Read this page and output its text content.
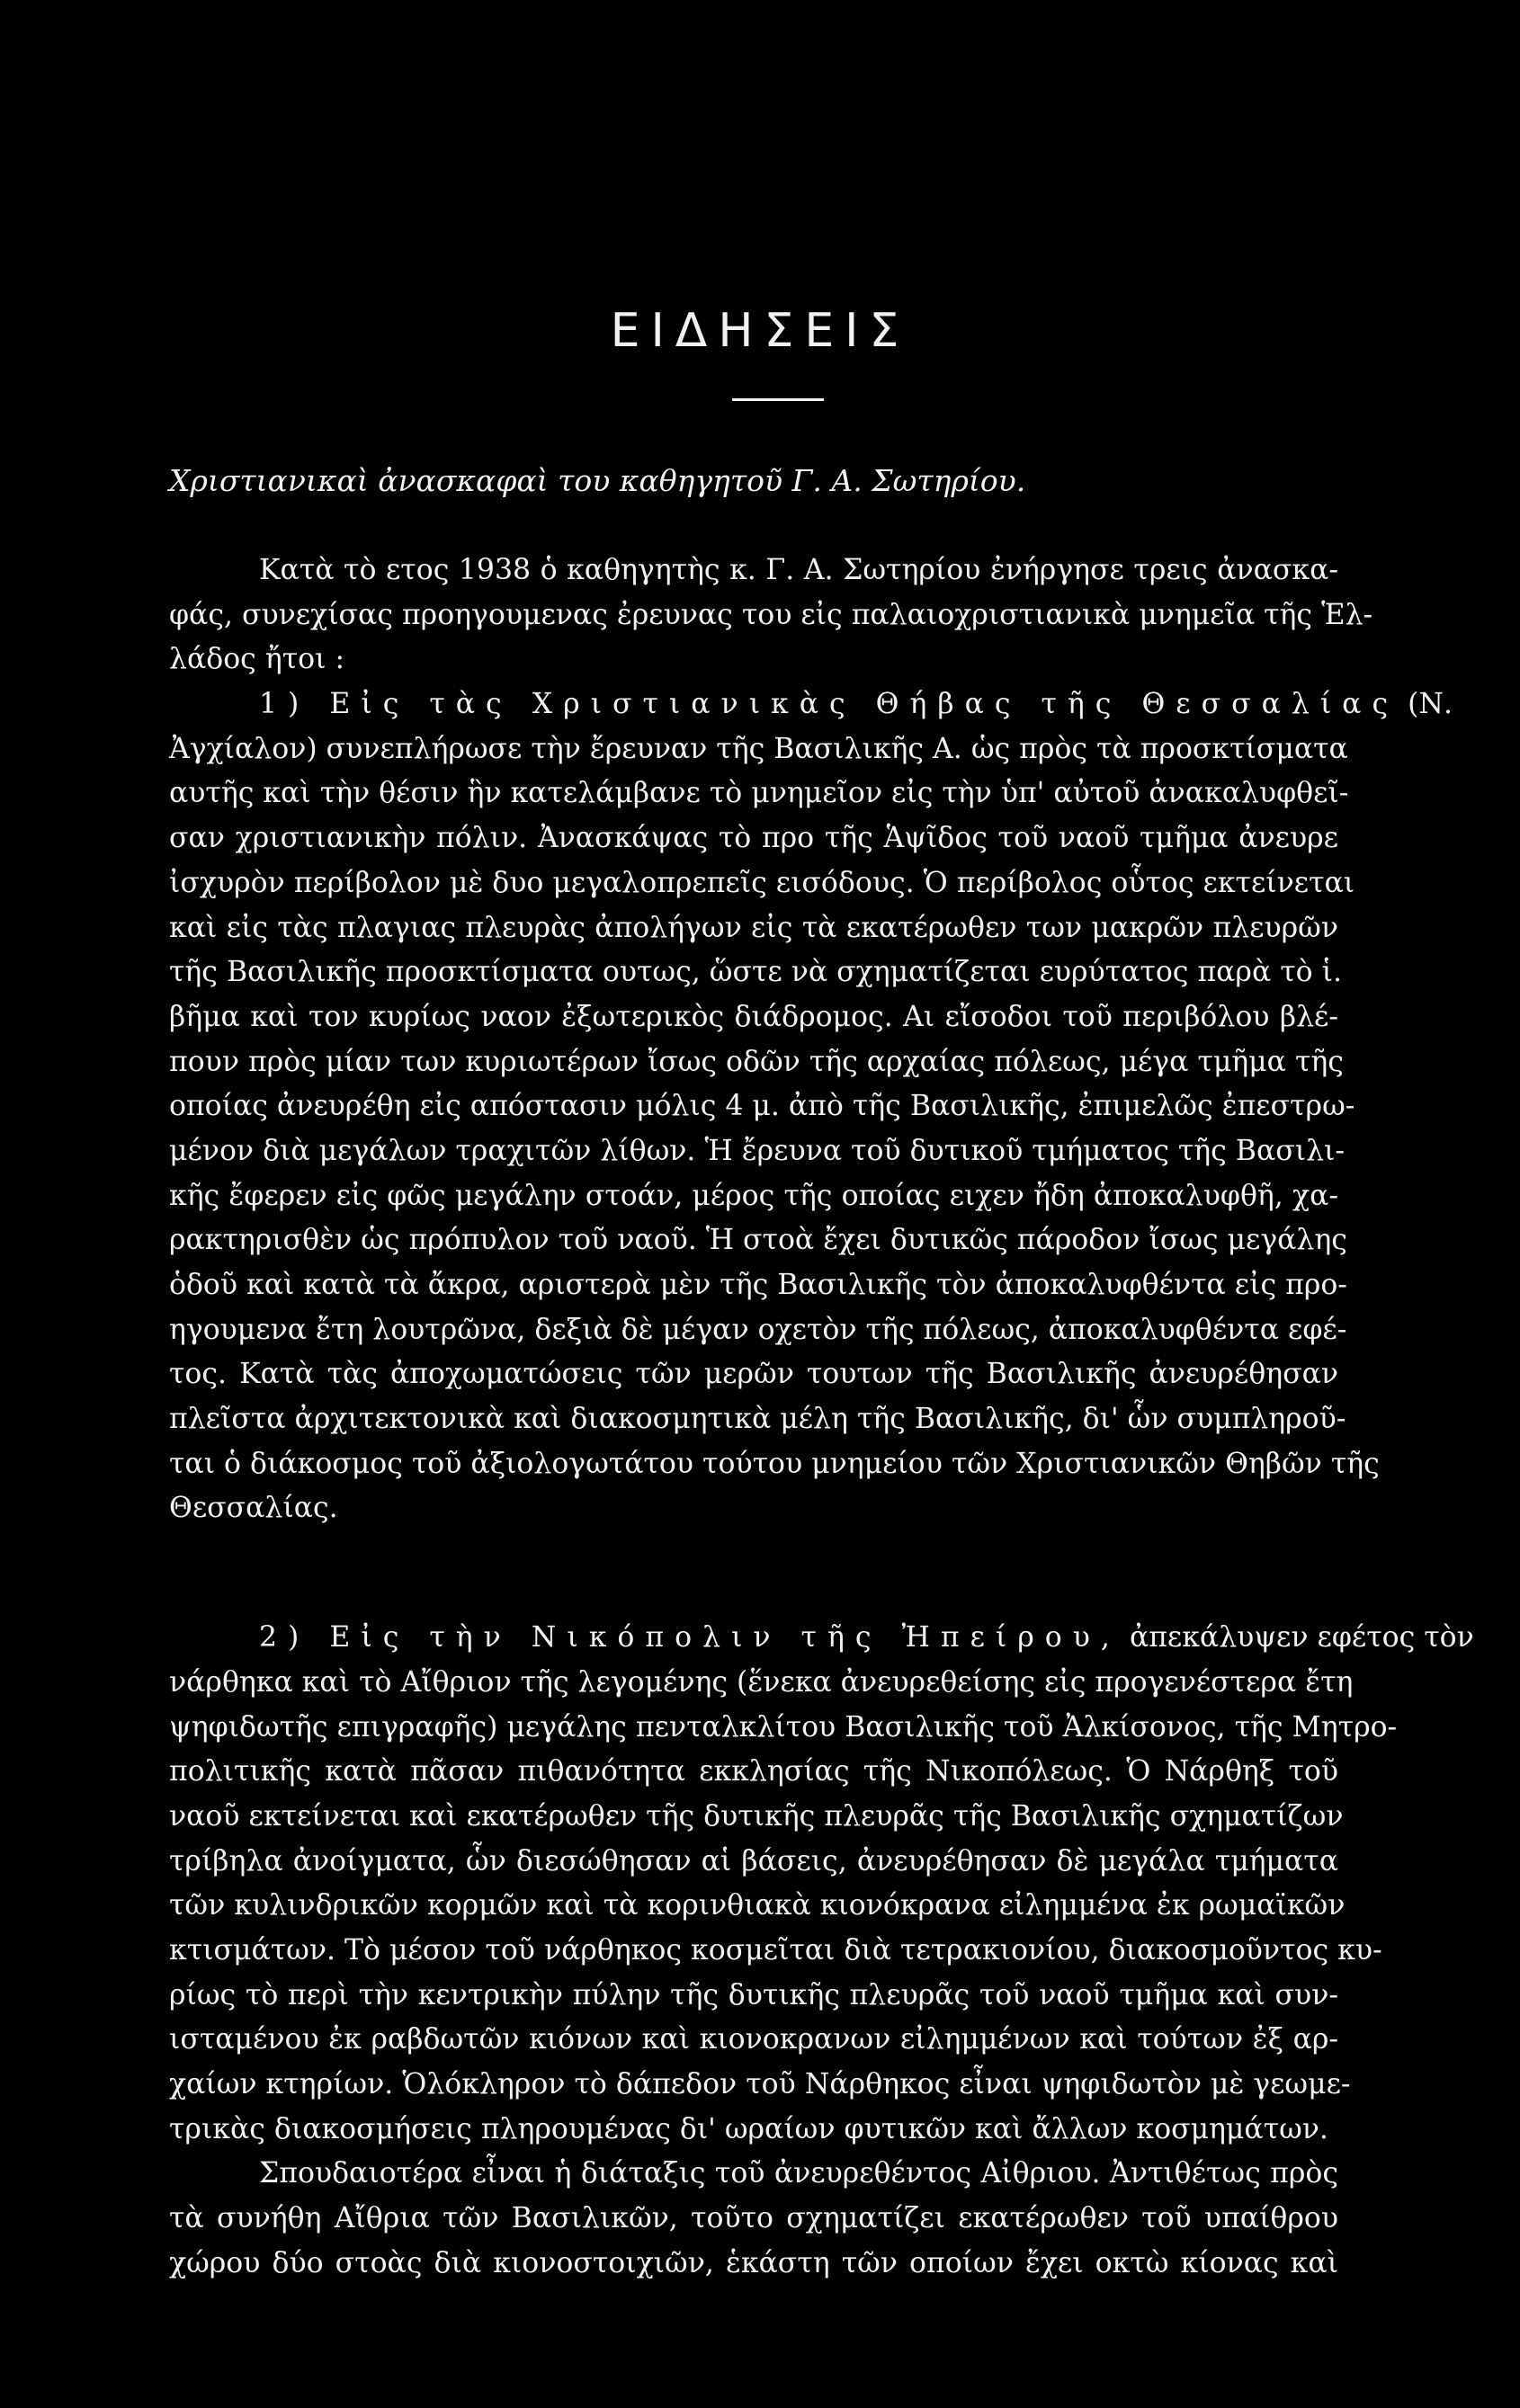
ΕΙΔΗΣΕΙΣ
Χριστιανικαὶ ἀνασκαφαὶ του καθηγητοῦ Γ. Α. Σωτηρίου.
Κατὰ τὸ ετος 1938 ὁ καθηγητὴς κ. Γ. Α. Σωτηρίου ἐνήργησε τρεις ἀνασκα-
φάς, συνεχίσας προηγουμενας ἐρευνας του εἰς παλαιοχριστιανικὰ μνημεῖα τῆς Ἑλ-
λάδος ἤτοι :
1) Εἰς τὰς Χριστιανικὰς Θήβας τῆς Θεσσαλίας (Ν.
Ἀγχίαλον) συνεπλήρωσε τὴν ἔρευναν τῆς Βασιλικῆς Α. ὡς πρὸς τὰ προσκτίσματα
αυτῆς καὶ τὴν θέσιν ἣν κατελάμβανε τὸ μνημεῖον εἰς τὴν ὑπ' αὐτοῦ ἀνακαλυφθεῖ-
σαν χριστιανικὴν πόλιν. Ἀνασκάψας τὸ προ τῆς Ἁψῖδος τοῦ ναοῦ τμῆμα ἀνευρε
ἰσχυρὸν περίβολον μὲ δυο μεγαλοπρεπεῖς εισόδους. Ὁ περίβολος οὗτος εκτείνεται
καὶ εἰς τὰς πλαγιας πλευρὰς ἀπολήγων εἰς τὰ εκατέρωθεν των μακρῶν πλευρῶν
τῆς Βασιλικῆς προσκτίσματα ουτως, ὥστε νὰ σχηματίζεται ευρύτατος παρὰ τὸ ἱ.
βῆμα καὶ τον κυρίως ναον ἐξωτερικὸς διάδρομος. Αι εἴσοδοι τοῦ περιβόλου βλέ-
πουν πρὸς μίαν των κυριωτέρων ἴσως οδῶν τῆς αρχαίας πόλεως, μέγα τμῆμα τῆς
οποίας ἀνευρέθη εἰς απόστασιν μόλις 4 μ. ἀπὸ τῆς Βασιλικῆς, ἐπιμελῶς ἐπεστρω-
μένον διὰ μεγάλων τραχιτῶν λίθων. Ἡ ἔρευνα τοῦ δυτικοῦ τμήματος τῆς Βασιλι-
κῆς ἔφερεν εἰς φῶς μεγάλην στοάν, μέρος τῆς οποίας ειχεν ἤδη ἀποκαλυφθῆ, χα-
ρακτηρισθὲν ὡς πρόπυλον τοῦ ναοῦ. Ἡ στοὰ ἔχει δυτικῶς πάροδον ἴσως μεγάλης
ὁδοῦ καὶ κατὰ τὰ ἄκρα, αριστερὰ μὲν τῆς Βασιλικῆς τὸν ἀποκαλυφθέντα εἰς προ-
ηγουμενα ἔτη λουτρῶνα, δεξιὰ δὲ μέγαν οχετὸν τῆς πόλεως, ἀποκαλυφθέντα εφέ-
τος. Κατὰ τὰς ἀποχωματώσεις τῶν μερῶν τουτων τῆς Βασιλικῆς ἀνευρέθησαν
πλεῖστα ἀρχιτεκτονικὰ καὶ διακοσμητικὰ μέλη τῆς Βασιλικῆς, δι' ὧν συμπληροῦ-
ται ὁ διάκοσμος τοῦ ἀξιολογωτάτου τούτου μνημείου τῶν Χριστιανικῶν Θηβῶν τῆς
Θεσσαλίας.
2) Εἰς τὴν Νικόπολιν τῆς Ἠπείρου, ἀπεκάλυψεν εφέτος τὸν
νάρθηκα καὶ τὸ Αἴθριον τῆς λεγομένης (ἕνεκα ἀνευρεθείσης εἰς προγενέστερα ἔτη
ψηφιδωτῆς επιγραφῆς) μεγάλης πενταλκλίτου Βασιλικῆς τοῦ Ἀλκίσονος, τῆς Μητρο-
πολιτικῆς κατὰ πᾶσαν πιθανότητα εκκλησίας τῆς Νικοπόλεως. Ὁ Νάρθηξ τοῦ
ναοῦ εκτείνεται καὶ εκατέρωθεν τῆς δυτικῆς πλευρᾶς τῆς Βασιλικῆς σχηματίζων
τρίβηλα ἀνοίγματα, ὧν διεσώθησαν αἱ βάσεις, ἀνευρέθησαν δὲ μεγάλα τμήματα
τῶν κυλινδρικῶν κορμῶν καὶ τὰ κορινθιακὰ κιονόκρανα εἰλημμένα ἐκ ρωμαϊκῶν
κτισμάτων. Τὸ μέσον τοῦ νάρθηκος κοσμεῖται διὰ τετρακιονίου, διακοσμοῦντος κυ-
ρίως τὸ περὶ τὴν κεντρικὴν πύλην τῆς δυτικῆς πλευρᾶς τοῦ ναοῦ τμῆμα καὶ συν-
ισταμένου ἐκ ραβδωτῶν κιόνων καὶ κιονοκρανων εἰλημμένων καὶ τούτων ἐξ αρ-
χαίων κτηρίων. Ὁλόκληρον τὸ δάπεδον τοῦ Νάρθηκος εἶναι ψηφιδωτὸν μὲ γεωμε-
τρικὰς διακοσμήσεις πληρουμένας δι' ωραίων φυτικῶν καὶ ἄλλων κοσμημάτων.
Σπουδαιοτέρα εἶναι ἡ διάταξις τοῦ ἀνευρεθέντος Αἰθριου. Ἀντιθέτως πρὸς
τὰ συνήθη Αἴθρια τῶν Βασιλικῶν, τοῦτο σχηματίζει εκατέρωθεν τοῦ υπαίθρου
χώρου δύο στοὰς διὰ κιονοστοιχιῶν, ἑκάστη τῶν οποίων ἔχει οκτὼ κίονας καὶ
